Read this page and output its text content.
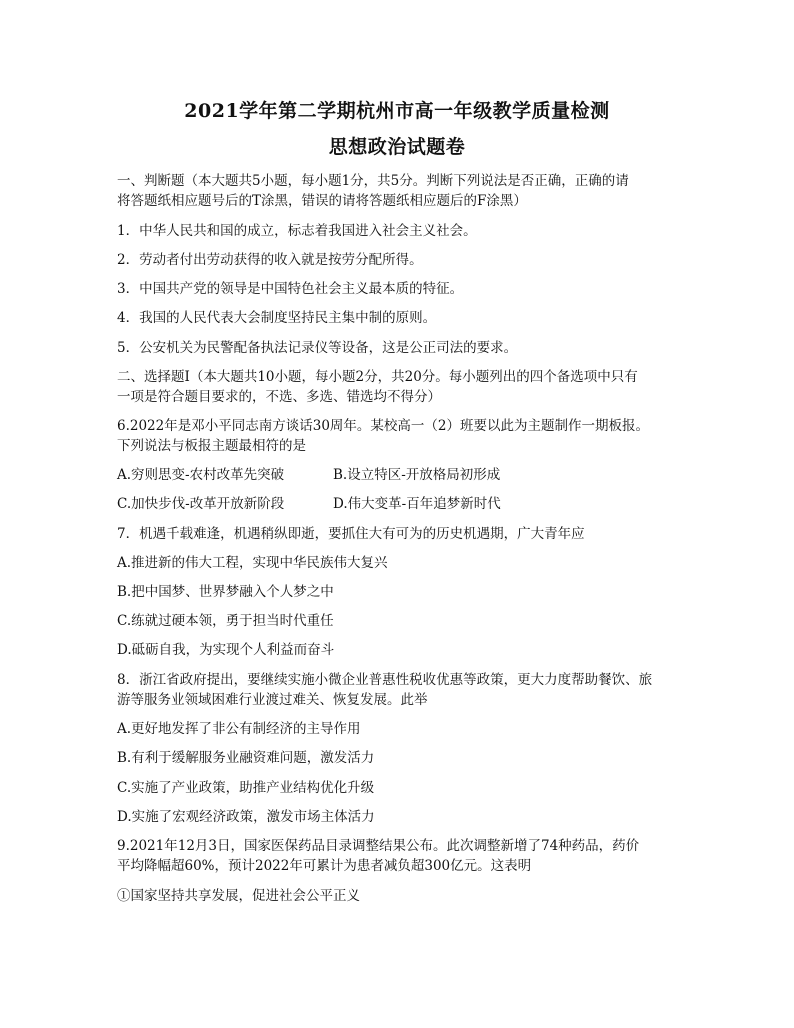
2021学年第二学期杭州市高一年级教学质量检测
思想政治试题卷
一、判断题（本大题共5小题，每小题1分，共5分。判断下列说法是否正确，正确的请
将答题纸相应题号后的T涂黑，错误的请将答题纸相应题后的F涂黑）
1．中华人民共和国的成立，标志着我国进入社会主义社会。
2．劳动者付出劳动获得的收入就是按劳分配所得。
3．中国共产党的领导是中国特色社会主义最本质的特征。
4．我国的人民代表大会制度坚持民主集中制的原则。
5．公安机关为民警配备执法记录仪等设备，这是公正司法的要求。
二、选择题Ⅰ（本大题共10小题，每小题2分，共20分。每小题列出的四个备选项中只有
一项是符合题目要求的，不选、多选、错选均不得分）
6.2022年是邓小平同志南方谈话30周年。某校高一（2）班要以此为主题制作一期板报。
下列说法与板报主题最相符的是
A.穷则思变-农村改革先突破	B.设立特区-开放格局初形成
C.加快步伐-改革开放新阶段	D.伟大变革-百年追梦新时代
7．机遇千载难逢，机遇稍纵即逝，要抓住大有可为的历史机遇期，广大青年应
A.推进新的伟大工程，实现中华民族伟大复兴
B.把中国梦、世界梦融入个人梦之中
C.练就过硬本领，勇于担当时代重任
D.砥砺自我，为实现个人利益而奋斗
8．浙江省政府提出，要继续实施小微企业普惠性税收优惠等政策，更大力度帮助餐饮、旅
游等服务业领域困难行业渡过难关、恢复发展。此举
A.更好地发挥了非公有制经济的主导作用
B.有利于缓解服务业融资难问题，激发活力
C.实施了产业政策，助推产业结构优化升级
D.实施了宏观经济政策，激发市场主体活力
9.2021年12月3日，国家医保药品目录调整结果公布。此次调整新增了74种药品，药价
平均降幅超60%，预计2022年可累计为患者减负超300亿元。这表明
①国家坚持共享发展，促进社会公平正义
